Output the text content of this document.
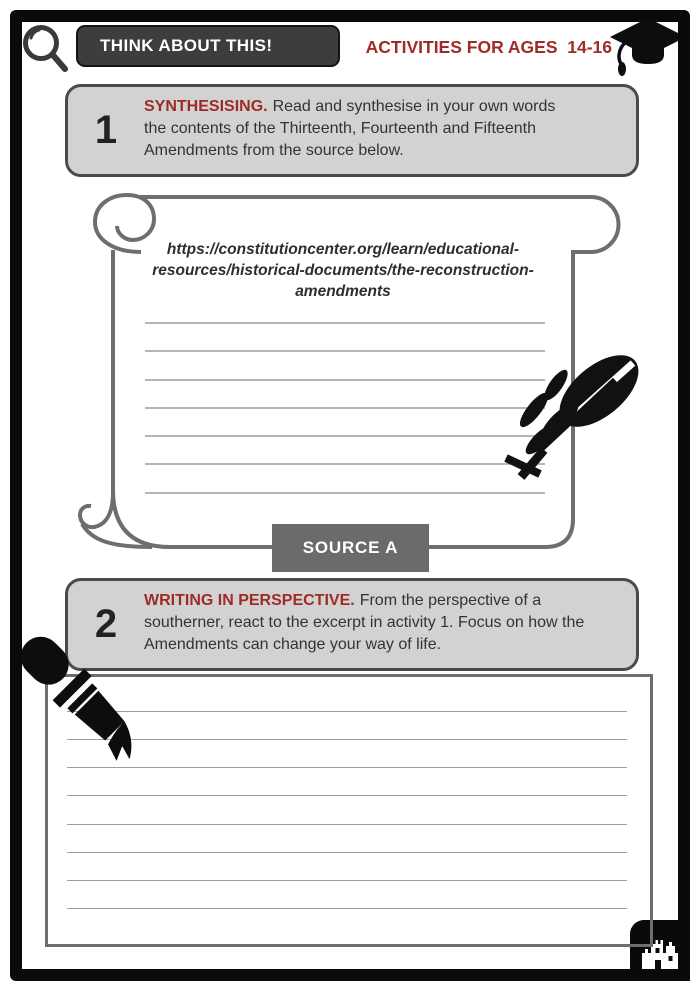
THINK ABOUT THIS!	ACTIVITIES FOR AGES  14-16
1
SYNTHESISING. Read and synthesise in your own words the contents of the Thirteenth, Fourteenth and Fifteenth Amendments from the source below.
https://constitutioncenter.org/learn/educational-
resources/historical-documents/the-reconstruction-
amendments
SOURCE A
2
WRITING IN PERSPECTIVE. From the perspective of a southerner, react to the excerpt in activity 1. Focus on how the Amendments can change your way of life.
